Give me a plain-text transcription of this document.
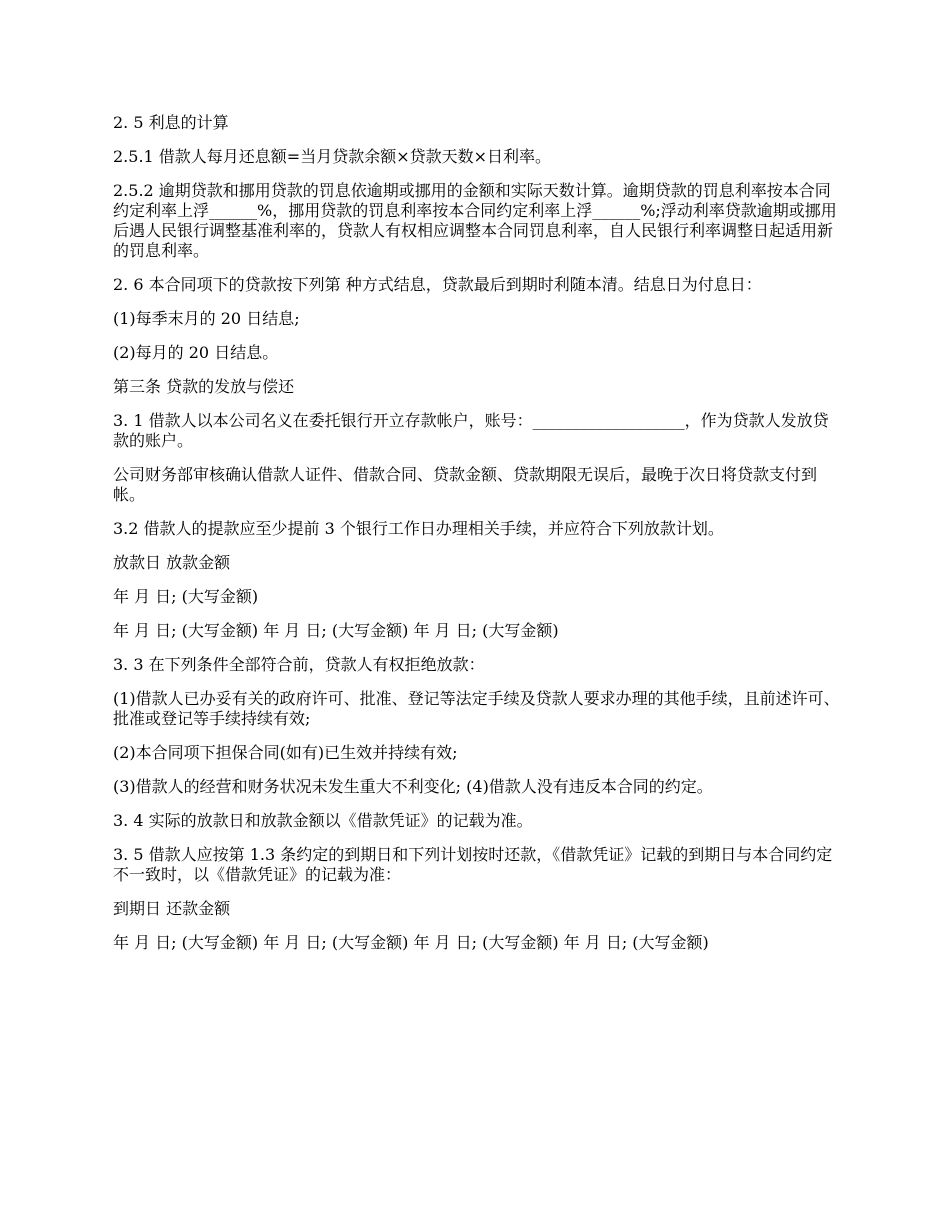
2. 5 利息的计算

2.5.1 借款人每月还息额=当月贷款余额×贷款天数×日利率。

2.5.2 逾期贷款和挪用贷款的罚息依逾期或挪用的金额和实际天数计算。逾期贷款的罚息利率按本合同约定利率上浮______%，挪用贷款的罚息利率按本合同约定利率上浮______%;浮动利率贷款逾期或挪用后遇人民银行调整基准利率的，贷款人有权相应调整本合同罚息利率，自人民银行利率调整日起适用新的罚息利率。

2. 6 本合同项下的贷款按下列第 种方式结息，贷款最后到期时利随本清。结息日为付息日：

(1)每季末月的 20 日结息;

(2)每月的 20 日结息。

第三条 贷款的发放与偿还

3. 1 借款人以本公司名义在委托银行开立存款帐户，账号：___________________，作为贷款人发放贷款的账户。

公司财务部审核确认借款人证件、借款合同、贷款金额、贷款期限无误后，最晚于次日将贷款支付到帐。

3.2 借款人的提款应至少提前 3 个银行工作日办理相关手续，并应符合下列放款计划。

放款日 放款金额

年 月 日; (大写金额)

年 月 日; (大写金额) 年 月 日; (大写金额) 年 月 日; (大写金额)

3. 3 在下列条件全部符合前，贷款人有权拒绝放款：

(1)借款人已办妥有关的政府许可、批准、登记等法定手续及贷款人要求办理的其他手续，且前述许可、批准或登记等手续持续有效;

(2)本合同项下担保合同(如有)已生效并持续有效;

(3)借款人的经营和财务状况未发生重大不利变化; (4)借款人没有违反本合同的约定。

3. 4 实际的放款日和放款金额以《借款凭证》的记载为准。

3. 5 借款人应按第 1.3 条约定的到期日和下列计划按时还款，《借款凭证》记载的到期日与本合同约定不一致时，以《借款凭证》的记载为准：

到期日 还款金额

年 月 日; (大写金额) 年 月 日; (大写金额) 年 月 日; (大写金额) 年 月 日; (大写金额)
